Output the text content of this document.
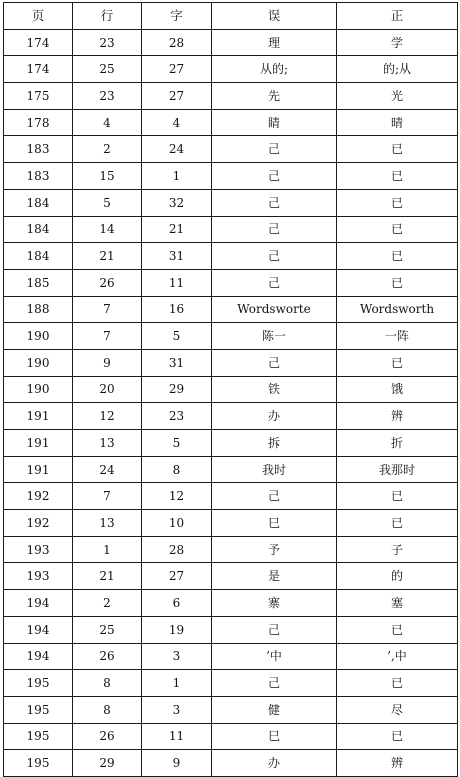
页	行	字	误	正
174	23	28	理	学
174	25	27	从的;	的;从
175	23	27	先	光
178	4	4	睛	晴
183	2	24	己	已
183	15	1	己	已
184	5	32	己	已
184	14	21	己	已
184	21	31	己	已
185	26	11	己	已
188	7	16	Wordsworte	Wordsworth
190	7	5	陈一	一阵
190	9	31	己	已
190	20	29	铁	饿
191	12	23	办	辨
191	13	5	拆	折
191	24	8	我时	我那时
192	7	12	己	已
192	13	10	巳	已
193	1	28	予	子
193	21	27	是	的
194	2	6	寨	塞
194	25	19	己	已
194	26	3	’中	’,中
195	8	1	己	已
195	8	3	健	尽
195	26	11	巳	已
195	29	9	办	辨
